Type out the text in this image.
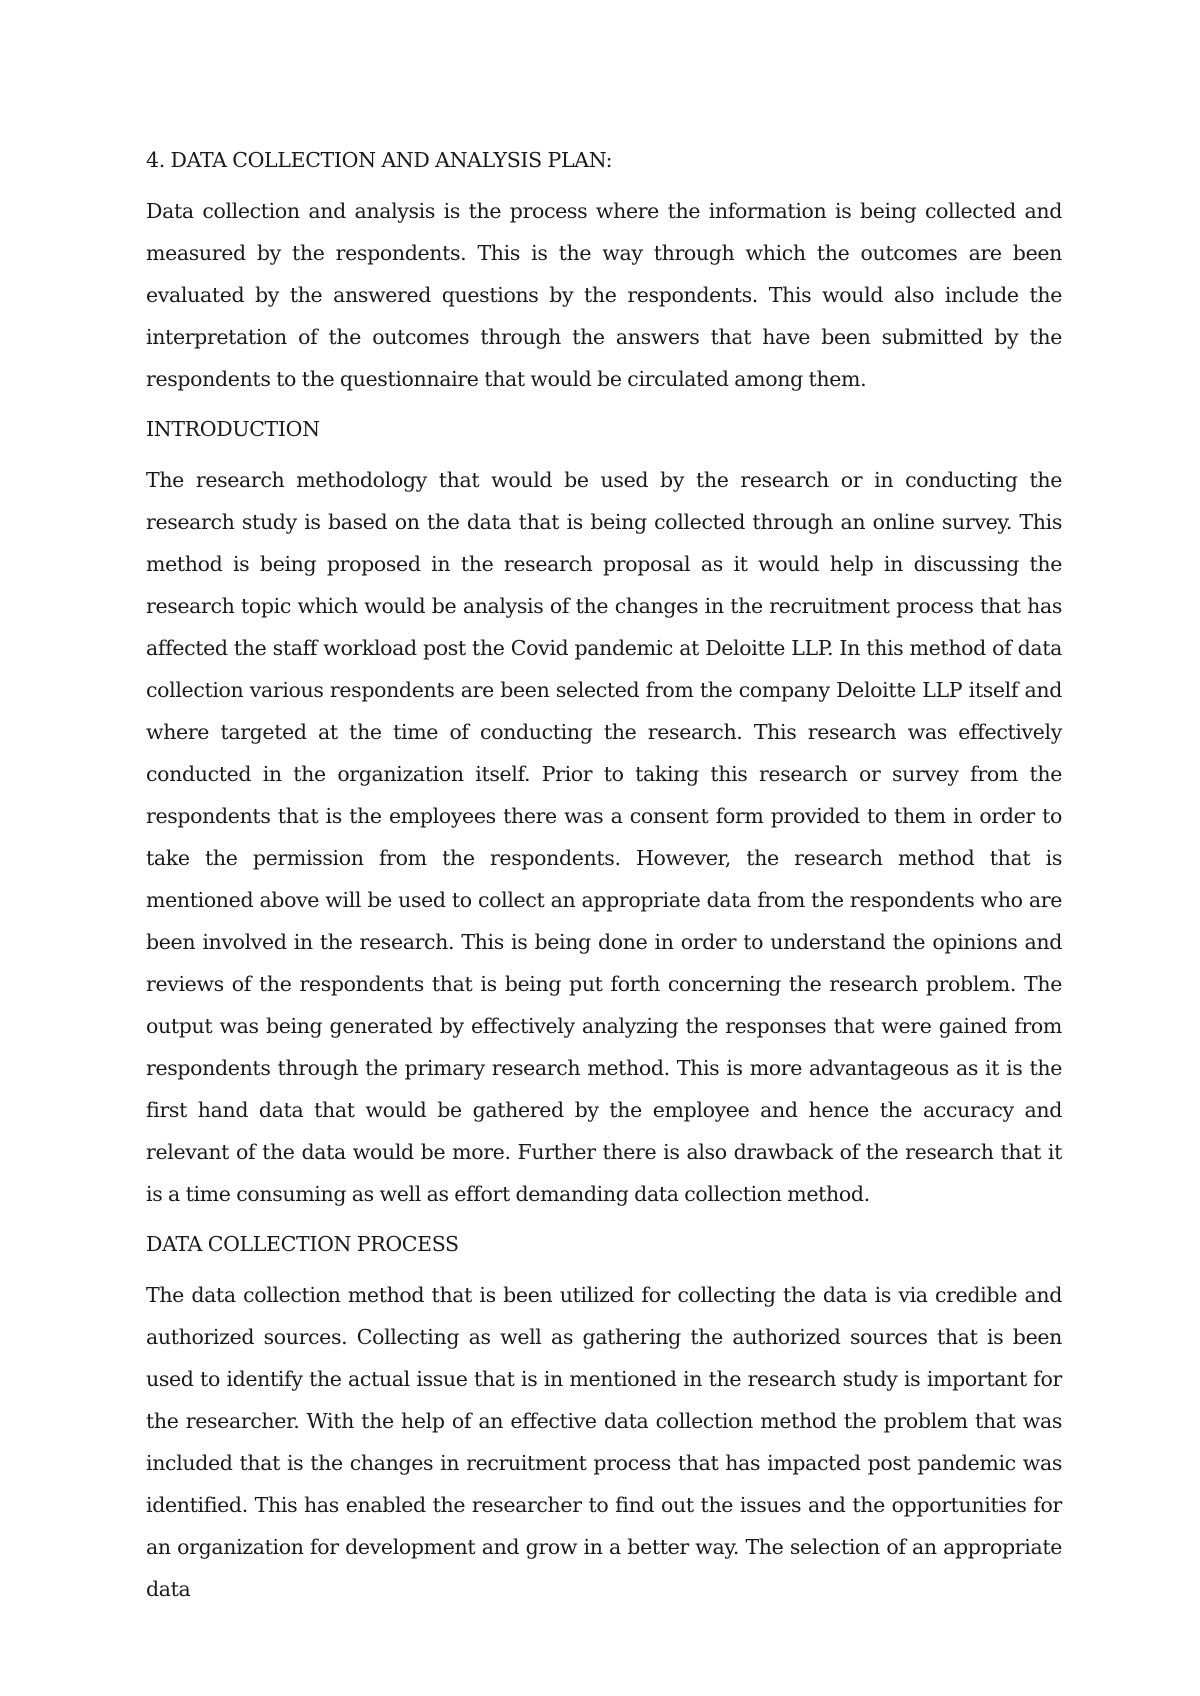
4. DATA COLLECTION AND ANALYSIS PLAN:

Data collection and analysis is the process where the information is being collected and measured by the respondents. This is the way through which the outcomes are been evaluated by the answered questions by the respondents. This would also include the interpretation of the outcomes through the answers that have been submitted by the respondents to the questionnaire that would be circulated among them.

INTRODUCTION

The research methodology that would be used by the research or in conducting the research study is based on the data that is being collected through an online survey. This method is being proposed in the research proposal as it would help in discussing the research topic which would be analysis of the changes in the recruitment process that has affected the staff workload post the Covid pandemic at Deloitte LLP. In this method of data collection various respondents are been selected from the company Deloitte LLP itself and where targeted at the time of conducting the research. This research was effectively conducted in the organization itself. Prior to taking this research or survey from the respondents that is the employees there was a consent form provided to them in order to take the permission from the respondents. However, the research method that is mentioned above will be used to collect an appropriate data from the respondents who are been involved in the research. This is being done in order to understand the opinions and reviews of the respondents that is being put forth concerning the research problem. The output was being generated by effectively analyzing the responses that were gained from respondents through the primary research method. This is more advantageous as it is the first hand data that would be gathered by the employee and hence the accuracy and relevant of the data would be more. Further there is also drawback of the research that it is a time consuming as well as effort demanding data collection method.

DATA COLLECTION PROCESS

The data collection method that is been utilized for collecting the data is via credible and authorized sources. Collecting as well as gathering the authorized sources that is been used to identify the actual issue that is in mentioned in the research study is important for the researcher. With the help of an effective data collection method the problem that was included that is the changes in recruitment process that has impacted post pandemic was identified. This has enabled the researcher to find out the issues and the opportunities for an organization for development and grow in a better way. The selection of an appropriate data
